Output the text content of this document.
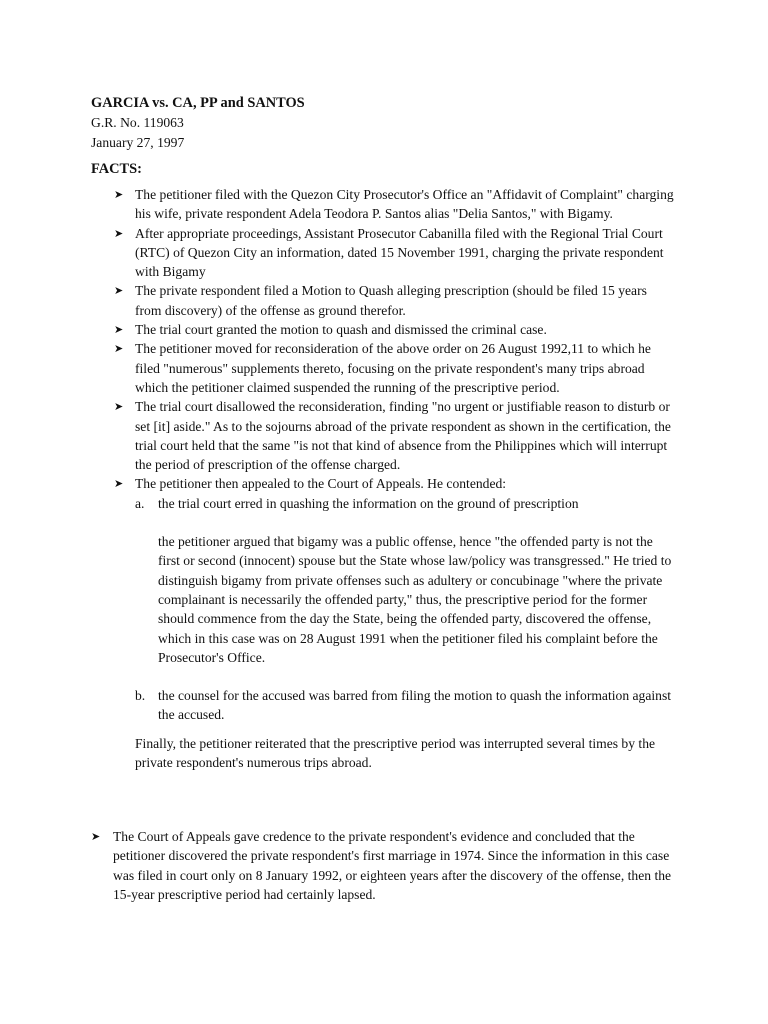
GARCIA vs. CA, PP and SANTOS
G.R. No. 119063
January 27, 1997
FACTS:
➤ The petitioner filed with the Quezon City Prosecutor's Office an "Affidavit of Complaint" charging his wife, private respondent Adela Teodora P. Santos alias "Delia Santos," with Bigamy.
➤ After appropriate proceedings, Assistant Prosecutor Cabanilla filed with the Regional Trial Court (RTC) of Quezon City an information, dated 15 November 1991, charging the private respondent with Bigamy
➤ The private respondent filed a Motion to Quash alleging prescription (should be filed 15 years from discovery) of the offense as ground therefor.
➤ The trial court granted the motion to quash and dismissed the criminal case.
➤ The petitioner moved for reconsideration of the above order on 26 August 1992,11 to which he filed "numerous" supplements thereto, focusing on the private respondent's many trips abroad which the petitioner claimed suspended the running of the prescriptive period.
➤ The trial court disallowed the reconsideration, finding "no urgent or justifiable reason to disturb or set [it] aside." As to the sojourns abroad of the private respondent as shown in the certification, the trial court held that the same "is not that kind of absence from the Philippines which will interrupt the period of prescription of the offense charged.
➤ The petitioner then appealed to the Court of Appeals. He contended:
a. the trial court erred in quashing the information on the ground of prescription
the petitioner argued that bigamy was a public offense, hence "the offended party is not the first or second (innocent) spouse but the State whose law/policy was transgressed." He tried to distinguish bigamy from private offenses such as adultery or concubinage "where the private complainant is necessarily the offended party," thus, the prescriptive period for the former should commence from the day the State, being the offended party, discovered the offense, which in this case was on 28 August 1991 when the petitioner filed his complaint before the Prosecutor's Office.
b. the counsel for the accused was barred from filing the motion to quash the information against the accused.
Finally, the petitioner reiterated that the prescriptive period was interrupted several times by the private respondent's numerous trips abroad.
➤ The Court of Appeals gave credence to the private respondent's evidence and concluded that the petitioner discovered the private respondent's first marriage in 1974. Since the information in this case was filed in court only on 8 January 1992, or eighteen years after the discovery of the offense, then the 15-year prescriptive period had certainly lapsed.
